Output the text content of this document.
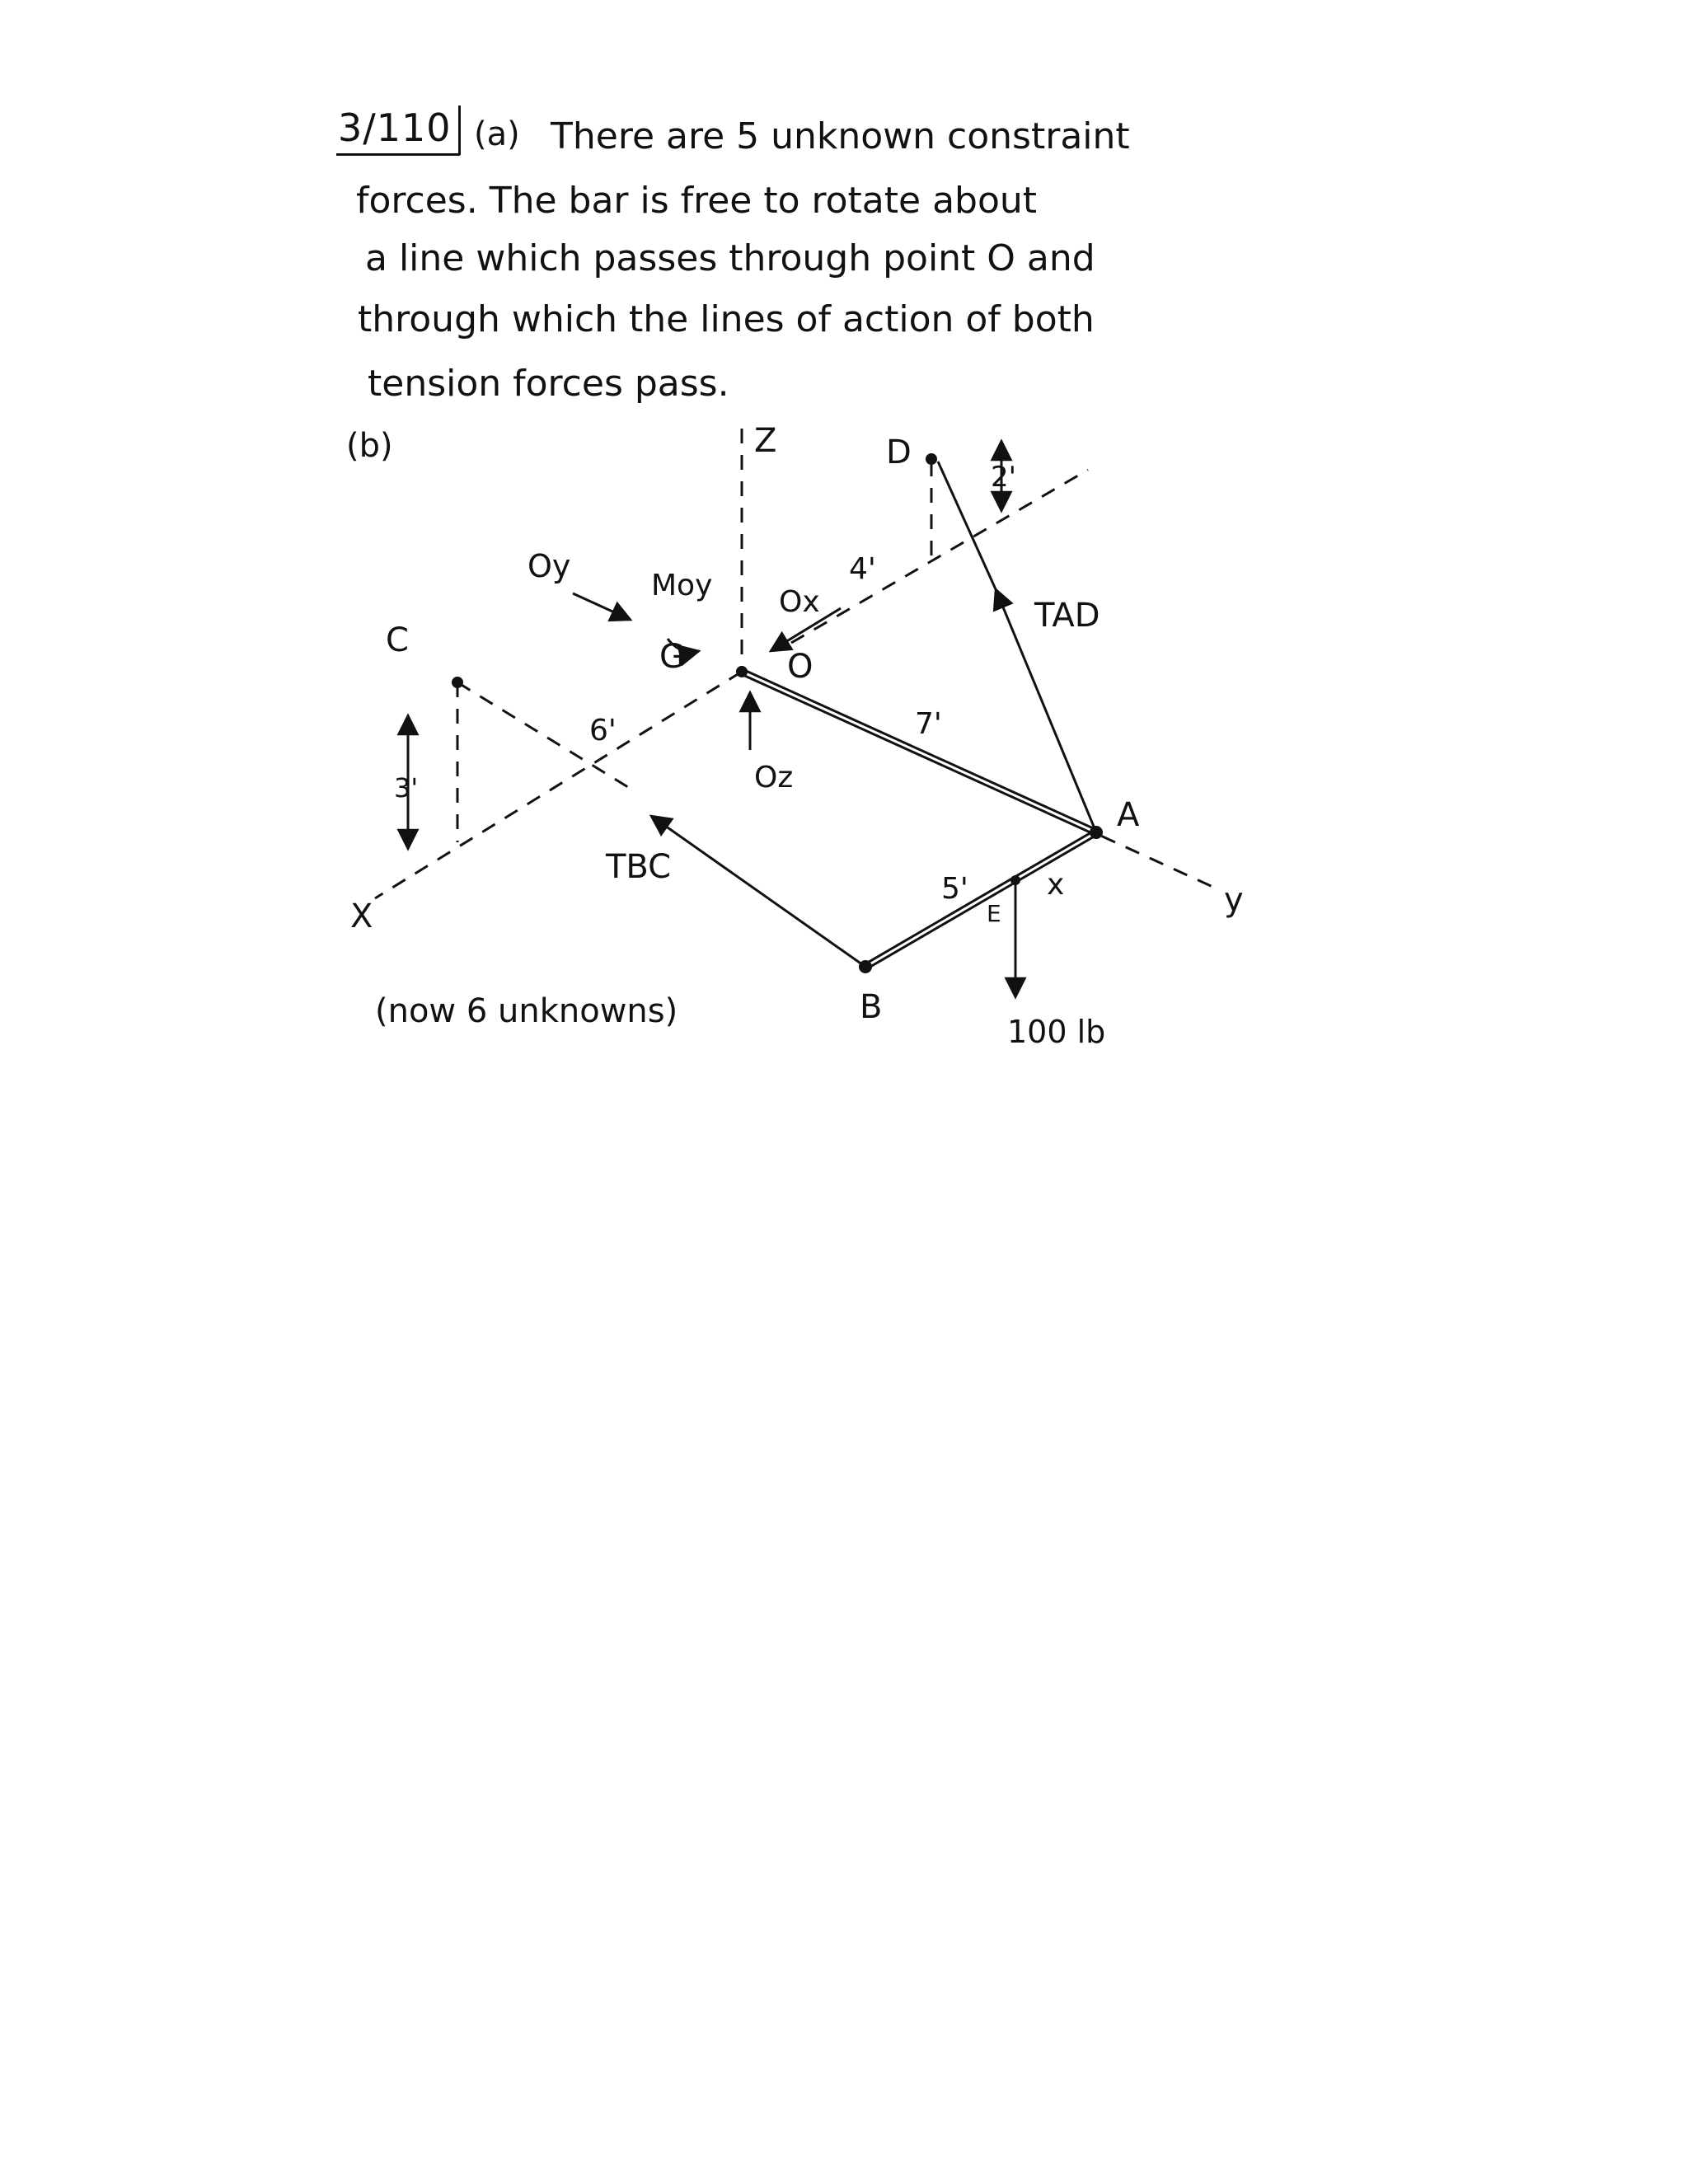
3/110 (a) There are 5 unknown constraint
forces. The bar is free to rotate about
a line which passes through point O and
through which the lines of action of both
tension forces pass.
(b)	Z
X	y
C
D
O
A
B
E
2'
4'
6'
3'
7'
5'	x
Oy
Moy
G
Ox
Oz
TAD
TBC
100 lb
(now 6 unknowns)
